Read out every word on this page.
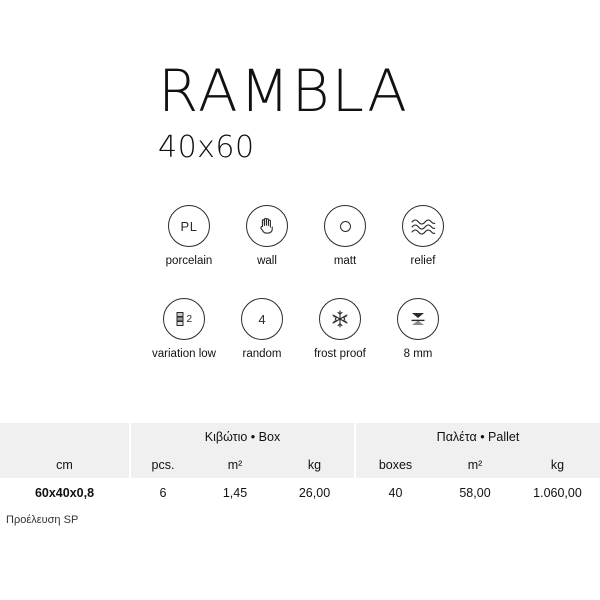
RAMBLA
40x60
PL
porcelain	wall	matt	relief
2
variation low
4
random	frost proof	8 mm
	Κιβώτιο • Box			Παλέτα • Pallet		
cm	pcs.	m²	kg	boxes	m²	kg
60x40x0,8	6	1,45	26,00	40	58,00	1.060,00
Προέλευση SP
